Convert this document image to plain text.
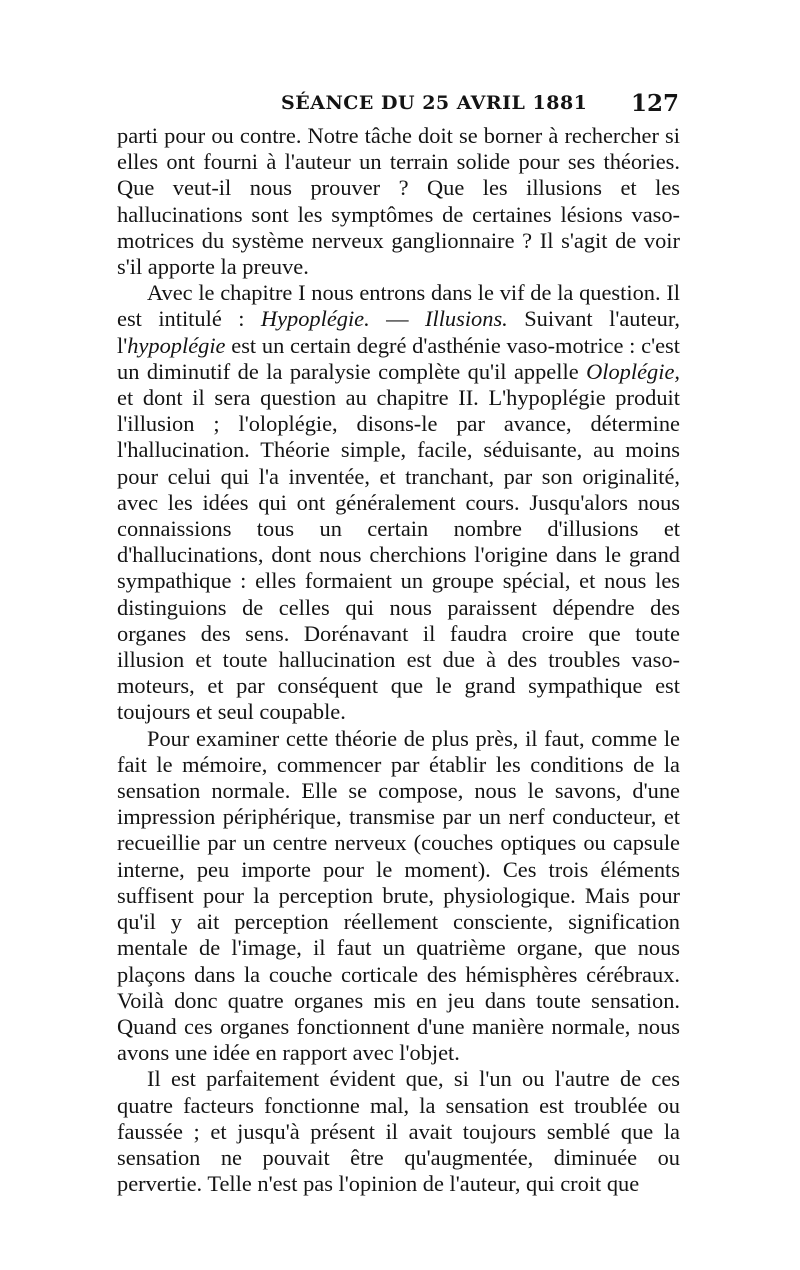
SÉANCE DU 25 AVRIL 1881 127

parti pour ou contre. Notre tâche doit se borner à rechercher si elles ont fourni à l'auteur un terrain solide pour ses théories. Que veut-il nous prouver ? Que les illusions et les hallucinations sont les symptômes de certaines lésions vaso-motrices du système nerveux ganglionnaire ? Il s'agit de voir s'il apporte la preuve.

Avec le chapitre I nous entrons dans le vif de la question. Il est intitulé : Hypoplégie. — Illusions. Suivant l'auteur, l'hypoplégie est un certain degré d'asthénie vaso-motrice : c'est un diminutif de la paralysie complète qu'il appelle Oloplégie, et dont il sera question au chapitre II. L'hypoplégie produit l'illusion ; l'oloplégie, disons-le par avance, détermine l'hallucination. Théorie simple, facile, séduisante, au moins pour celui qui l'a inventée, et tranchant, par son originalité, avec les idées qui ont généralement cours. Jusqu'alors nous connaissions tous un certain nombre d'illusions et d'hallucinations, dont nous cherchions l'origine dans le grand sympathique : elles formaient un groupe spécial, et nous les distinguions de celles qui nous paraissent dépendre des organes des sens. Dorénavant il faudra croire que toute illusion et toute hallucination est due à des troubles vaso-moteurs, et par conséquent que le grand sympathique est toujours et seul coupable.

Pour examiner cette théorie de plus près, il faut, comme le fait le mémoire, commencer par établir les conditions de la sensation normale. Elle se compose, nous le savons, d'une impression périphérique, transmise par un nerf conducteur, et recueillie par un centre nerveux (couches optiques ou capsule interne, peu importe pour le moment). Ces trois éléments suffisent pour la perception brute, physiologique. Mais pour qu'il y ait perception réellement consciente, signification mentale de l'image, il faut un quatrième organe, que nous plaçons dans la couche corticale des hémisphères cérébraux. Voilà donc quatre organes mis en jeu dans toute sensation. Quand ces organes fonctionnent d'une manière normale, nous avons une idée en rapport avec l'objet.

Il est parfaitement évident que, si l'un ou l'autre de ces quatre facteurs fonctionne mal, la sensation est troublée ou faussée ; et jusqu'à présent il avait toujours semblé que la sensation ne pouvait être qu'augmentée, diminuée ou pervertie. Telle n'est pas l'opinion de l'auteur, qui croit que
